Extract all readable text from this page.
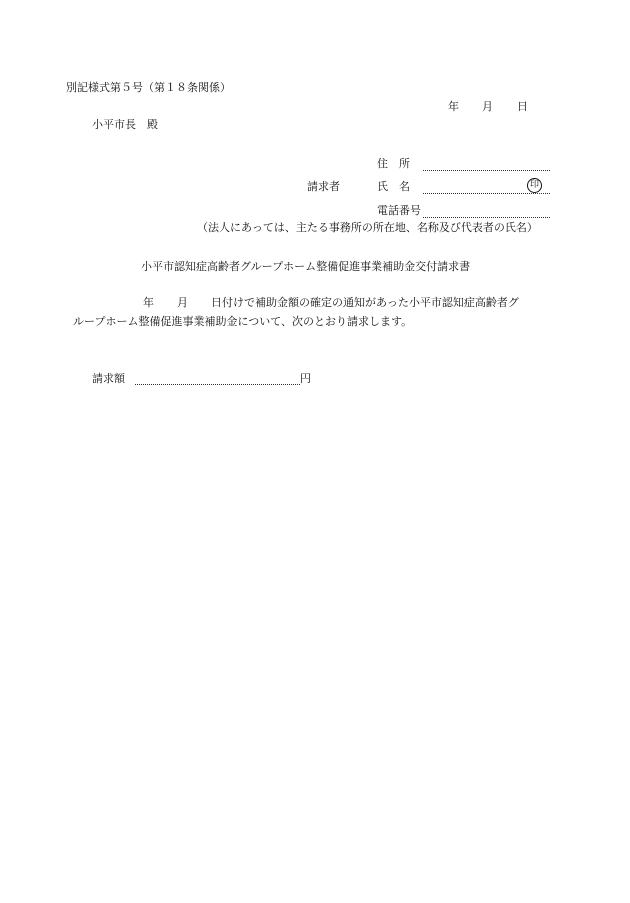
別記様式第５号（第１８条関係）
年 月 日
小平市長　殿
住　所
請求者	氏　名	印
電話番号
（法人にあっては、主たる事務所の所在地、名称及び代表者の氏名）
小平市認知症高齢者グループホーム整備促進事業補助金交付請求書
年 月 日付けで補助金額の確定の通知があった小平市認知症高齢者グ
ループホーム整備促進事業補助金について、次のとおり請求します。
請求額	円
